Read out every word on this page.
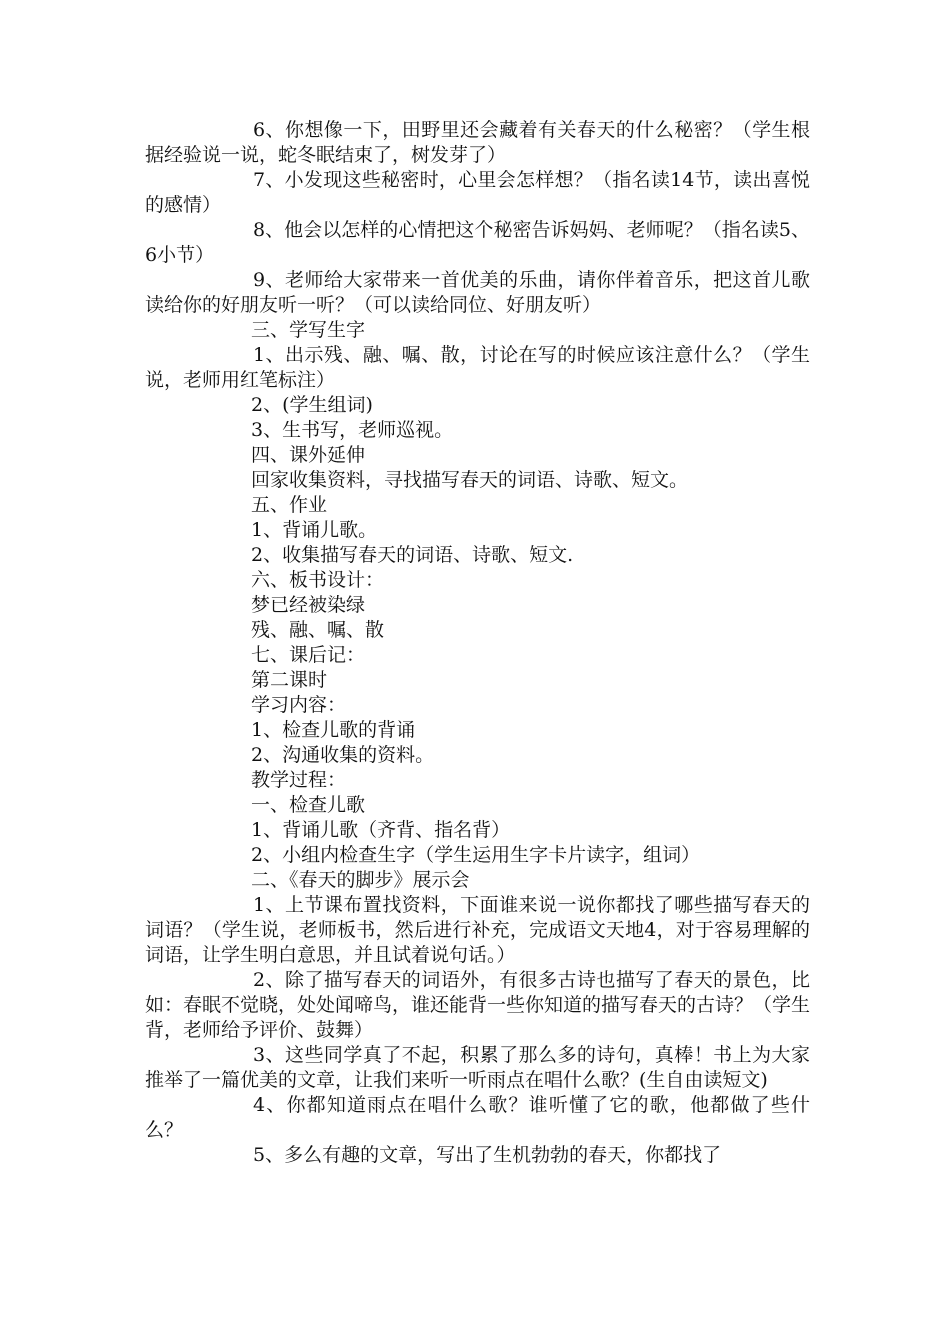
6、你想像一下，田野里还会藏着有关春天的什么秘密？（学生根据经验说一说，蛇冬眠结束了，树发芽了）

7、小发现这些秘密时，心里会怎样想？（指名读14节，读出喜悦的感情）

8、他会以怎样的心情把这个秘密告诉妈妈、老师呢？（指名读5、6小节）

9、老师给大家带来一首优美的乐曲，请你伴着音乐，把这首儿歌读给你的好朋友听一听？（可以读给同位、好朋友听）

三、学写生字

1、出示残、融、嘱、散，讨论在写的时候应该注意什么？（学生说，老师用红笔标注）

2、(学生组词)

3、生书写，老师巡视。

四、课外延伸

回家收集资料，寻找描写春天的词语、诗歌、短文。

五、作业

1、背诵儿歌。

2、收集描写春天的词语、诗歌、短文.

六、板书设计：

梦已经被染绿

残、融、嘱、散

七、课后记：

第二课时

学习内容：

1、检查儿歌的背诵

2、沟通收集的资料。

教学过程：

一、检查儿歌

1、背诵儿歌（齐背、指名背）

2、小组内检查生字（学生运用生字卡片读字，组词）

二、《春天的脚步》展示会

1、上节课布置找资料，下面谁来说一说你都找了哪些描写春天的词语？（学生说，老师板书，然后进行补充，完成语文天地4，对于容易理解的词语，让学生明白意思，并且试着说句话。）

2、除了描写春天的词语外，有很多古诗也描写了春天的景色，比如：春眠不觉晓，处处闻啼鸟，谁还能背一些你知道的描写春天的古诗？（学生背，老师给予评价、鼓舞）

3、这些同学真了不起，积累了那么多的诗句，真棒！书上为大家推举了一篇优美的文章，让我们来听一听雨点在唱什么歌？(生自由读短文)

4、你都知道雨点在唱什么歌？谁听懂了它的歌，他都做了些什么？

5、多么有趣的文章，写出了生机勃勃的春天，你都找了
